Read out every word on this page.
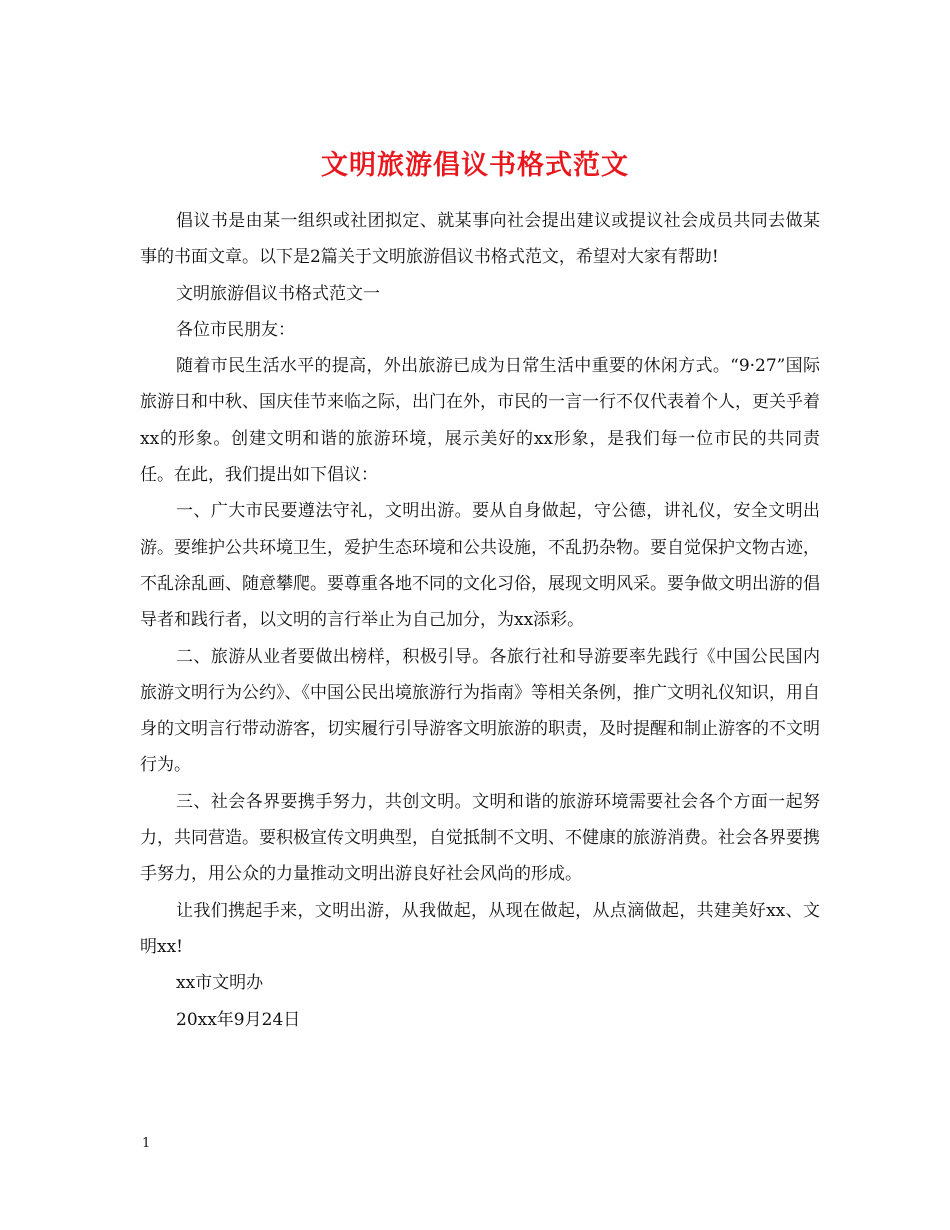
文明旅游倡议书格式范文

倡议书是由某一组织或社团拟定、就某事向社会提出建议或提议社会成员共同去做某事的书面文章。以下是2篇关于文明旅游倡议书格式范文，希望对大家有帮助!

文明旅游倡议书格式范文一

各位市民朋友：

随着市民生活水平的提高，外出旅游已成为日常生活中重要的休闲方式。“9·27”国际旅游日和中秋、国庆佳节来临之际，出门在外，市民的一言一行不仅代表着个人，更关乎着xx的形象。创建文明和谐的旅游环境，展示美好的xx形象，是我们每一位市民的共同责任。在此，我们提出如下倡议：

一、广大市民要遵法守礼，文明出游。要从自身做起，守公德，讲礼仪，安全文明出游。要维护公共环境卫生，爱护生态环境和公共设施，不乱扔杂物。要自觉保护文物古迹，不乱涂乱画、随意攀爬。要尊重各地不同的文化习俗，展现文明风采。要争做文明出游的倡导者和践行者，以文明的言行举止为自己加分，为xx添彩。

二、旅游从业者要做出榜样，积极引导。各旅行社和导游要率先践行《中国公民国内旅游文明行为公约》、《中国公民出境旅游行为指南》等相关条例，推广文明礼仪知识，用自身的文明言行带动游客，切实履行引导游客文明旅游的职责，及时提醒和制止游客的不文明行为。

三、社会各界要携手努力，共创文明。文明和谐的旅游环境需要社会各个方面一起努力，共同营造。要积极宣传文明典型，自觉抵制不文明、不健康的旅游消费。社会各界要携手努力，用公众的力量推动文明出游良好社会风尚的形成。

让我们携起手来，文明出游，从我做起，从现在做起，从点滴做起，共建美好xx、文明xx!

xx市文明办

20xx年9月24日

1
